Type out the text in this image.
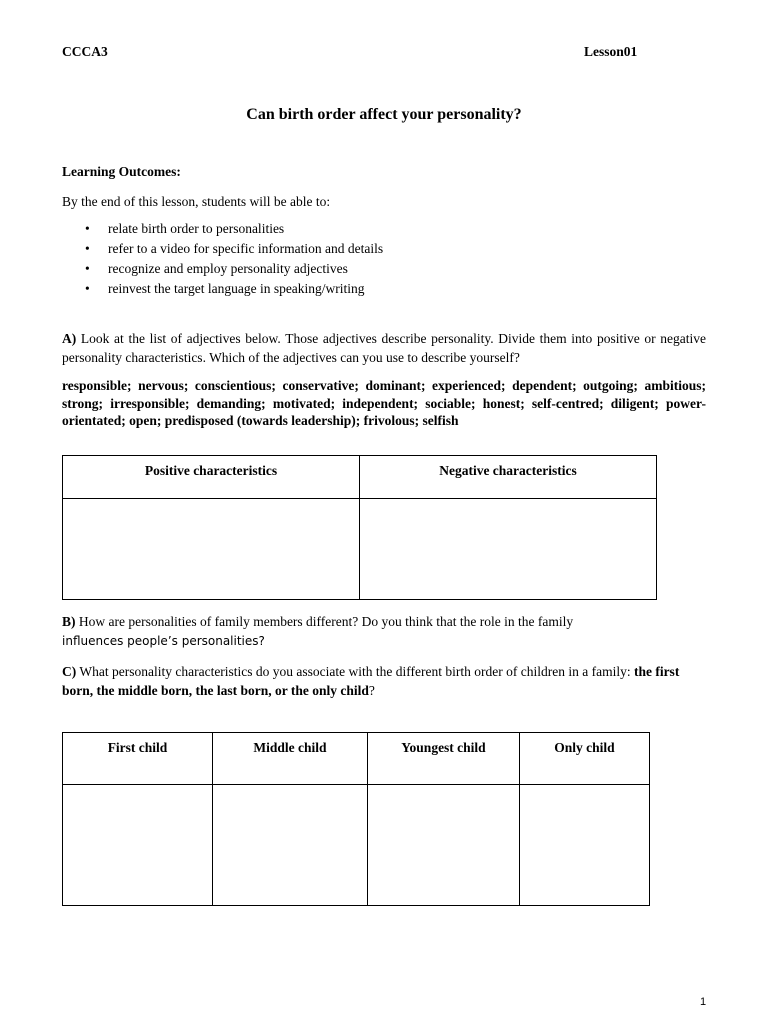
CCCA3	Lesson01
Can birth order affect your personality?
Learning Outcomes:
By the end of this lesson, students will be able to:
• relate birth order to personalities
• refer to a video for specific information and details
• recognize and employ personality adjectives
• reinvest the target language in speaking/writing
A) Look at the list of adjectives below. Those adjectives describe personality. Divide them into positive or negative personality characteristics. Which of the adjectives can you use to describe yourself?
responsible; nervous; conscientious; conservative; dominant; experienced; dependent; outgoing; ambitious; strong; irresponsible; demanding; motivated; independent; sociable; honest; self-centred; diligent; power-orientated; open; predisposed (towards leadership); frivolous; selfish
Positive characteristics	Negative characteristics

B) How are personalities of family members different? Do you think that the role in the family
influences people’s personalities?
C) What personality characteristics do you associate with the different birth order of children in a family: the first born, the middle born, the last born, or the only child?
First child	Middle child	Youngest child	Only child

1
